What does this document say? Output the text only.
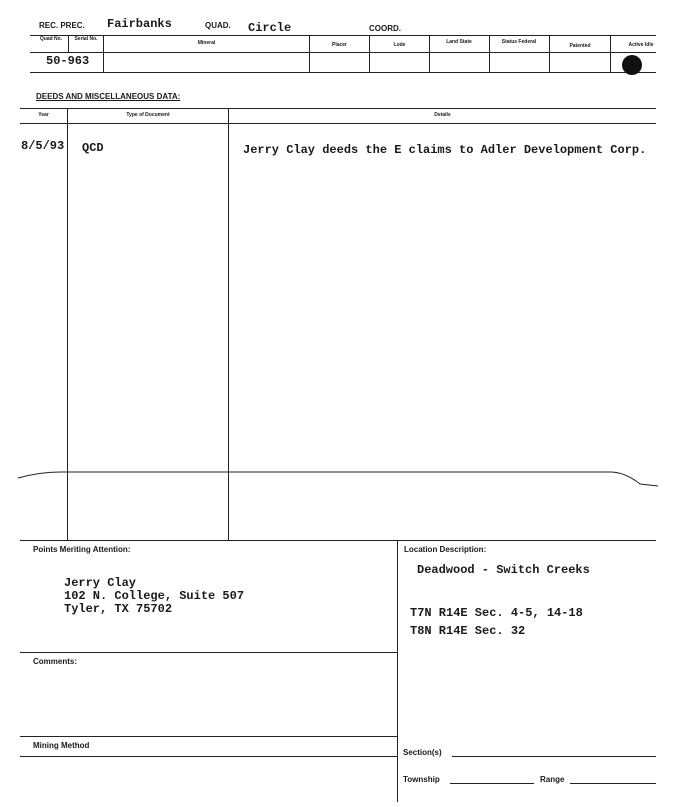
REC. PREC. Fairbanks	QUAD. Circle	COORD.
Quad No.	Serial No.
Mineral	Placer	Lode	Land State	Status Federal
Patented	Active Idle
50-963
DEEDS AND MISCELLANEOUS DATA:
Year	Type of Document	Details
8/5/93 QCD	Jerry Clay deeds the E claims to Adler Development Corp.
Points Meriting Attention:
Jerry Clay
102 N. College, Suite 507
Tyler, TX 75702
Location Description:
Deadwood - Switch Creeks
T7N R14E Sec. 4-5, 14-18
T8N R14E Sec. 32
Comments:
Mining Method
Section(s)
Township	Range
